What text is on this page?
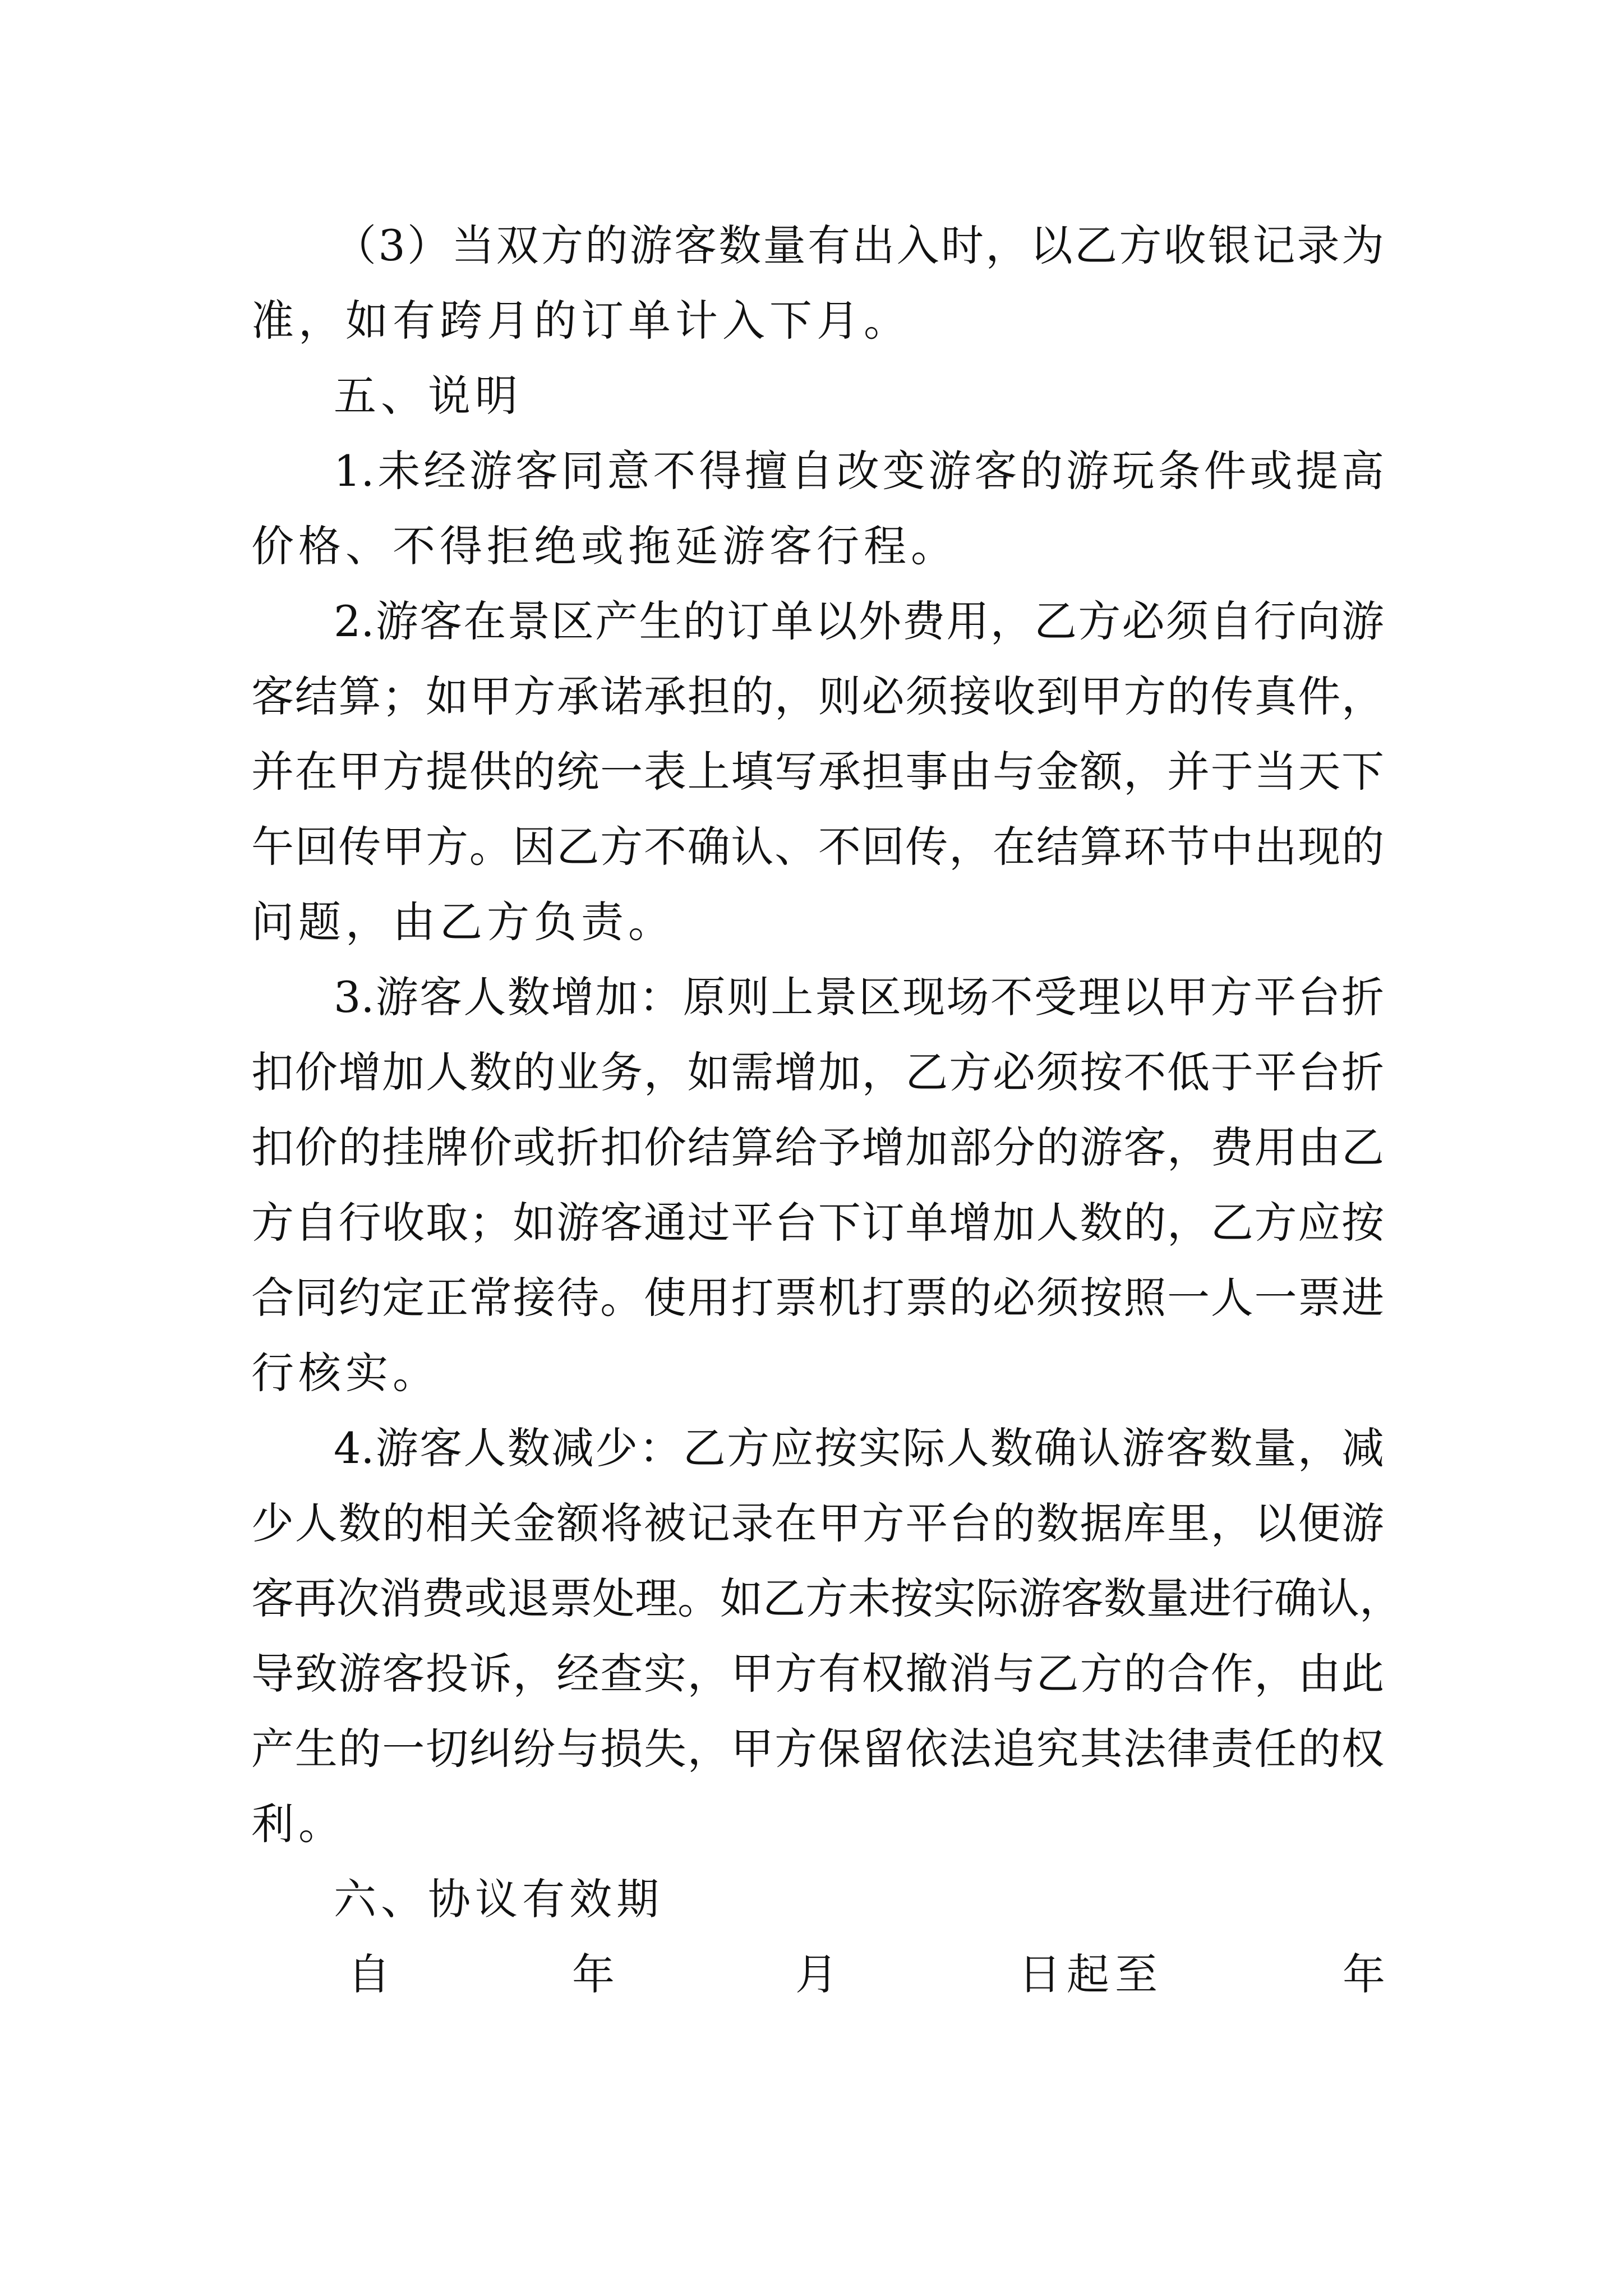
（3）当双方的游客数量有出入时，以乙方收银记录为
准，如有跨月的订单计入下月。
五、说明
1.未经游客同意不得擅自改变游客的游玩条件或提高
价格、不得拒绝或拖延游客行程。
2.游客在景区产生的订单以外费用，乙方必须自行向游
客结算；如甲方承诺承担的，则必须接收到甲方的传真件，
并在甲方提供的统一表上填写承担事由与金额，并于当天下
午回传甲方。因乙方不确认、不回传，在结算环节中出现的
问题，由乙方负责。
3.游客人数增加：原则上景区现场不受理以甲方平台折
扣价增加人数的业务，如需增加，乙方必须按不低于平台折
扣价的挂牌价或折扣价结算给予增加部分的游客，费用由乙
方自行收取；如游客通过平台下订单增加人数的，乙方应按
合同约定正常接待。使用打票机打票的必须按照一人一票进
行核实。
4.游客人数减少：乙方应按实际人数确认游客数量，减
少人数的相关金额将被记录在甲方平台的数据库里，以便游
客再次消费或退票处理。如乙方未按实际游客数量进行确认，
导致游客投诉，经查实，甲方有权撤消与乙方的合作，由此
产生的一切纠纷与损失，甲方保留依法追究其法律责任的权
利。
六、协议有效期
自	年	月	日起至	年
